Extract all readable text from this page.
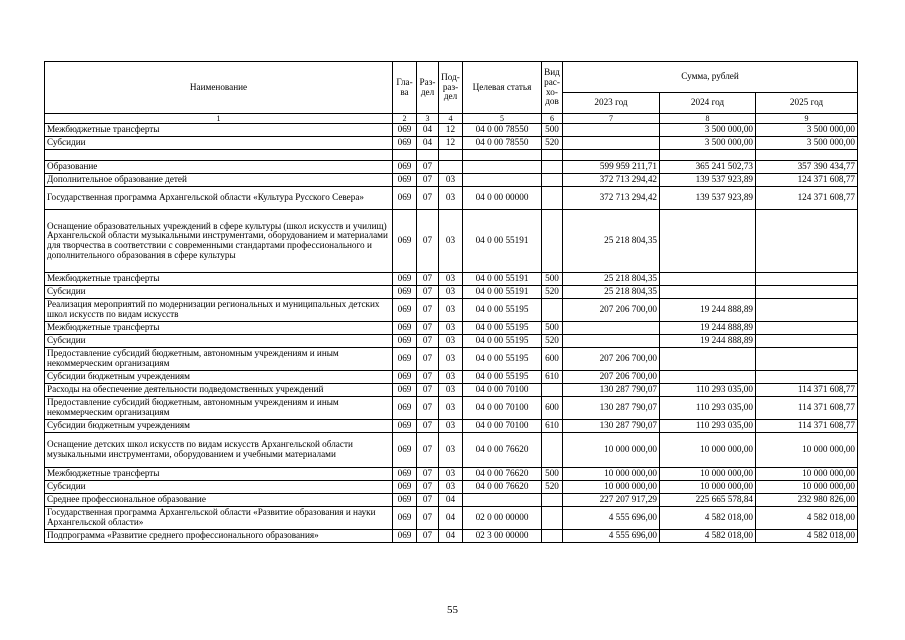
Наименование	Гла-ва	Раз-дел	Под-раз-дел	Целевая статья	Вид рас-хо-дов	Сумма, рублей		
						2023 год	2024 год	2025 год
1	2	3	4	5	6	7	8	9
Межбюджетные трансферты	069	04	12	04 0 00 78550	500		3 500 000,00	3 500 000,00
Субсидии	069	04	12	04 0 00 78550	520		3 500 000,00	3 500 000,00

Образование	069	07				599 959 211,71	365 241 502,73	357 390 434,77
Дополнительное образование детей	069	07	03			372 713 294,42	139 537 923,89	124 371 608,77
Государственная программа Архангельской области «Культура Русского Севера»	069	07	03	04 0 00 00000		372 713 294,42	139 537 923,89	124 371 608,77
Оснащение образовательных учреждений в сфере культуры (школ искусств и училищ) Архангельской области музыкальными инструментами, оборудованием и материалами для творчества в соответствии с современными стандартами профессионального и дополнительного образования в сфере культуры	069	07	03	04 0 00 55191		25 218 804,35		
Межбюджетные трансферты	069	07	03	04 0 00 55191	500	25 218 804,35		
Субсидии	069	07	03	04 0 00 55191	520	25 218 804,35		
Реализация мероприятий по модернизации региональных и муниципальных детских школ искусств по видам искусств	069	07	03	04 0 00 55195		207 206 700,00	19 244 888,89	
Межбюджетные трансферты	069	07	03	04 0 00 55195	500		19 244 888,89	
Субсидии	069	07	03	04 0 00 55195	520		19 244 888,89	
Предоставление субсидий бюджетным, автономным учреждениям и иным некоммерческим организациям	069	07	03	04 0 00 55195	600	207 206 700,00		
Субсидии бюджетным учреждениям	069	07	03	04 0 00 55195	610	207 206 700,00		
Расходы на обеспечение деятельности подведомственных учреждений	069	07	03	04 0 00 70100		130 287 790,07	110 293 035,00	114 371 608,77
Предоставление субсидий бюджетным, автономным учреждениям и иным некоммерческим организациям	069	07	03	04 0 00 70100	600	130 287 790,07	110 293 035,00	114 371 608,77
Субсидии бюджетным учреждениям	069	07	03	04 0 00 70100	610	130 287 790,07	110 293 035,00	114 371 608,77
Оснащение детских школ искусств по видам искусств Архангельской области музыкальными инструментами, оборудованием и учебными материалами	069	07	03	04 0 00 76620		10 000 000,00	10 000 000,00	10 000 000,00
Межбюджетные трансферты	069	07	03	04 0 00 76620	500	10 000 000,00	10 000 000,00	10 000 000,00
Субсидии	069	07	03	04 0 00 76620	520	10 000 000,00	10 000 000,00	10 000 000,00
Среднее профессиональное образование	069	07	04			227 207 917,29	225 665 578,84	232 980 826,00
Государственная программа Архангельской области «Развитие образования и науки Архангельской области»	069	07	04	02 0 00 00000		4 555 696,00	4 582 018,00	4 582 018,00
Подпрограмма «Развитие среднего профессионального образования»	069	07	04	02 3 00 00000		4 555 696,00	4 582 018,00	4 582 018,00
55
